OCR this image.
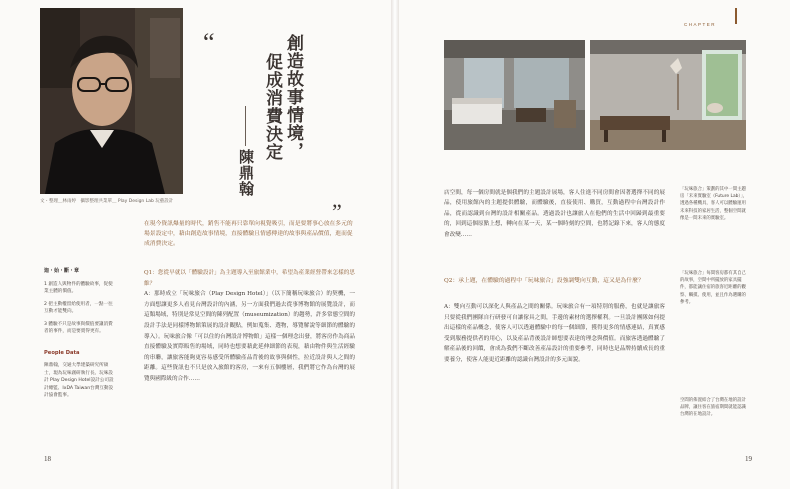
文・整理＿林雨婷　攝影整理共業單＿ Play Design Lab 玩藝設計
“	創造故事情境，
促成消費決定
陳鼎翰
”
在現今資訊爆量的時代，銷售不能再只靠單向視覺吸引，而是要將事心放在多元的場景設定中，藉由創造故事情境，直接體驗且情感傳達的故事與產品價值，進而促成消費決定。
迦・始・斷・章
1 創造人與物件的體驗故事，促使業主體的價值。
2 把主動權留給使用者，一點一往互動才能雙向。
3 體驗不只是故事與價值要讓消費者的事件，而是要賣得更有。
People Data
陳鼎翰，交通大學建築研究所碩士，現為玩味創研執行長、玩味設計 Play Design Hotel設計公司設計總監、IxDA Taiwan台灣互動設計協會監事。
Q1：您從早就以「體驗設計」為主題導入至旅館業中，希望為產業經營帶來怎樣的思維？
A：那時成立「玩味旅合（Play Design Hotel）」（以下簡稱玩味旅合）的契機，一方面想讓更多人看見台灣設計的內涵，另一方面我們過去從事博物館的展覽設計，而這類場域，特別是常見空間的陳列配置（museumization）的趨勢，許多常態空間的設計手法是同樣博物館策展的設計觀點，例如蒐集、選物，導覽解說等細節的體驗的導入）。玩味旅合像「可以住的台灣設計博物館」這樣一個理念出發，將客房作為商品直接體驗及實際販售的場域，同時也想要藉此延伸細節的表現，藉由物件與生活經驗的串聯，讓旅客能夠更容易感受所體驗產品背後的故事與個性，拉近設計與人之間的距離。這些資訊也不只是放入旅館的客房，一來有五個樓層，我們將它作為台灣的展覽與國際級的合作……
18
CHAPTER
店空間，每一個房間就是個我們的主題設計展場，客人住進不同房間會因著選擇不同的展品，使用旅館內的主題提供體驗，而體驗後，直接使用、購買，互動過程中台灣設計作品，從而認識到台灣的設計相關產品。透過設計也讓旅人在他們的生活中回歸到最重要的，回到這個原點上想，轉向在某一天，某一個時刻的空間，也將記錄下來，客人的態度會改變……
Q2：承上題，在體驗的過程中「玩味旅合」設強調雙向互動，這又是為什麼？
A：雙向互動可以深化人與產品之間的關係。玩味旅合有一項特別的服務，也就是讓旅客只要從我們團隊自行研發可自讓傢具之間，手邊的素材的選擇權利。一旦設計團隊如何提出這樣的產品概念，使客人可以透過體驗中的每一個細節，獲得更多的情感連結，真實感受到服務提供者的用心，以及產品背後設計師想要表達的理念與價值。而旅客透過體驗了解產品後的回饋，會成為我們不斷改善產品設計的重要參考，同時也是品牌持續成長的重要養分，使客人能更近距離的認識台灣設計的多元面貌。
「玩味旅合」策劃的其中一間主題房「未來實驗室（Future Lab）」，透過各種機具，客人可以體驗運用未來科技的家居生活，整個空間就像是一間未來的實驗室。
「玩味旅合」每間客房都有其自己的故事，空間中所擺放的家具擺件，都能讓住宿的旅客近距離的觀察、觸摸、使用，並且作為選購的參考。
空間的佈置結合了台灣在地的設計品牌，讓住客在旅宿期間就能認識台灣的在地設計。
19
